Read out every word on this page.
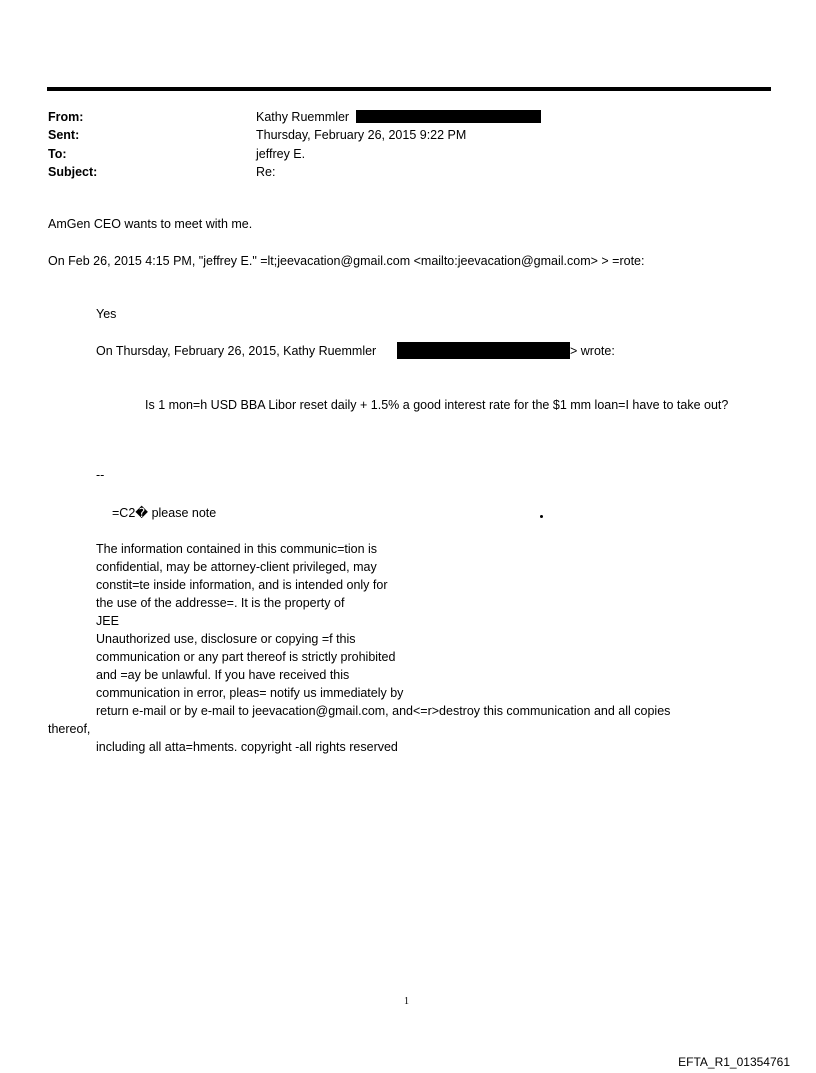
From:	Kathy Ruemmler
Sent:	Thursday, February 26, 2015 9:22 PM
To:	jeffrey E.
Subject:	Re:
AmGen CEO wants to meet with me.
On Feb 26, 2015 4:15 PM, "jeffrey E." =lt;jeevacation@gmail.com <mailto:jeevacation@gmail.com> > =rote:
Yes
On Thursday, February 26, 2015, Kathy Ruemmler	> wrote:
Is 1 mon=h USD BBA Libor reset daily + 1.5% a good interest rate for the $1 mm loan=I have to take out?
--
=C2� please note
The information contained in this communic=tion is
confidential, may be attorney-client privileged, may
constit=te inside information, and is intended only for
the use of the addresse=. It is the property of
JEE
Unauthorized use, disclosure or copying =f this
communication or any part thereof is strictly prohibited
and =ay be unlawful. If you have received this
communication in error, pleas= notify us immediately by
return e-mail or by e-mail to jeevacation@gmail.com, and<=r>destroy this communication and all copies
thereof,
including all atta=hments. copyright -all rights reserved
1
EFTA_R1_01354761
